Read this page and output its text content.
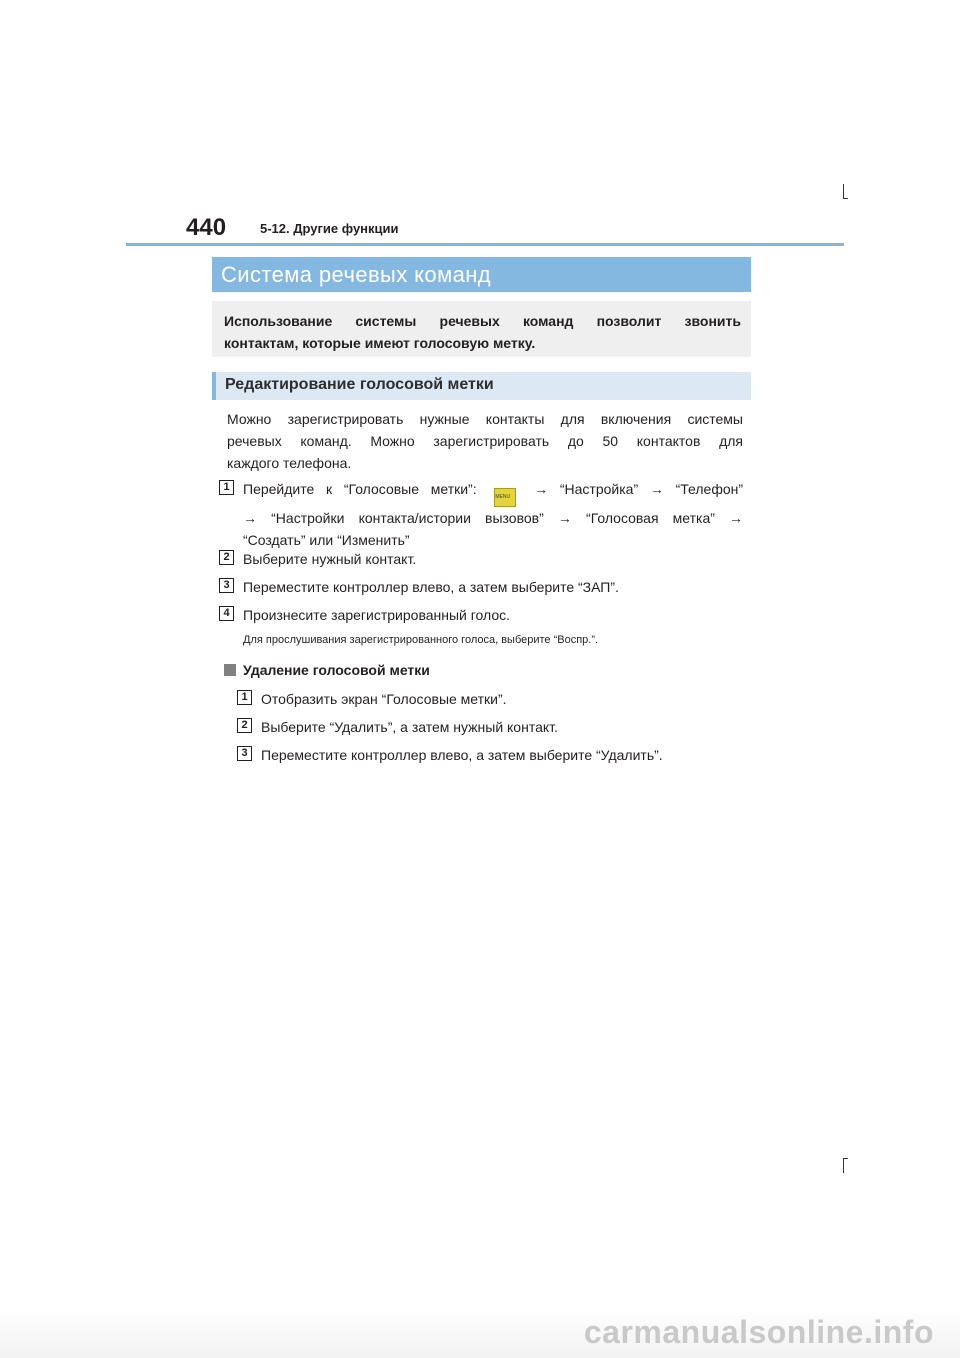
440	5-12. Другие функции
Система речевых команд
Использование системы речевых команд позволит звонить
контактам, которые имеют голосовую метку.
Редактирование голосовой метки
Можно зарегистрировать нужные контакты для включения системы
речевых команд. Можно зарегистрировать до 50 контактов для
каждого телефона.
1 Перейдите к “Голосовые метки”:	MENU → “Настройка” → “Телефон”
→ “Настройки контакта/истории вызовов” → “Голосовая метка” →
“Создать” или “Изменить”
2 Выберите нужный контакт.
3 Переместите контроллер влево, а затем выберите “ЗАП”.
4 Произнесите зарегистрированный голос.
Для прослушивания зарегистрированного голоса, выберите “Воспр.”.
Удаление голосовой метки
1 Отобразить экран “Голосовые метки”.
2 Выберите “Удалить”, а затем нужный контакт.
3 Переместите контроллер влево, а затем выберите “Удалить”.
carmanualsonline.info
